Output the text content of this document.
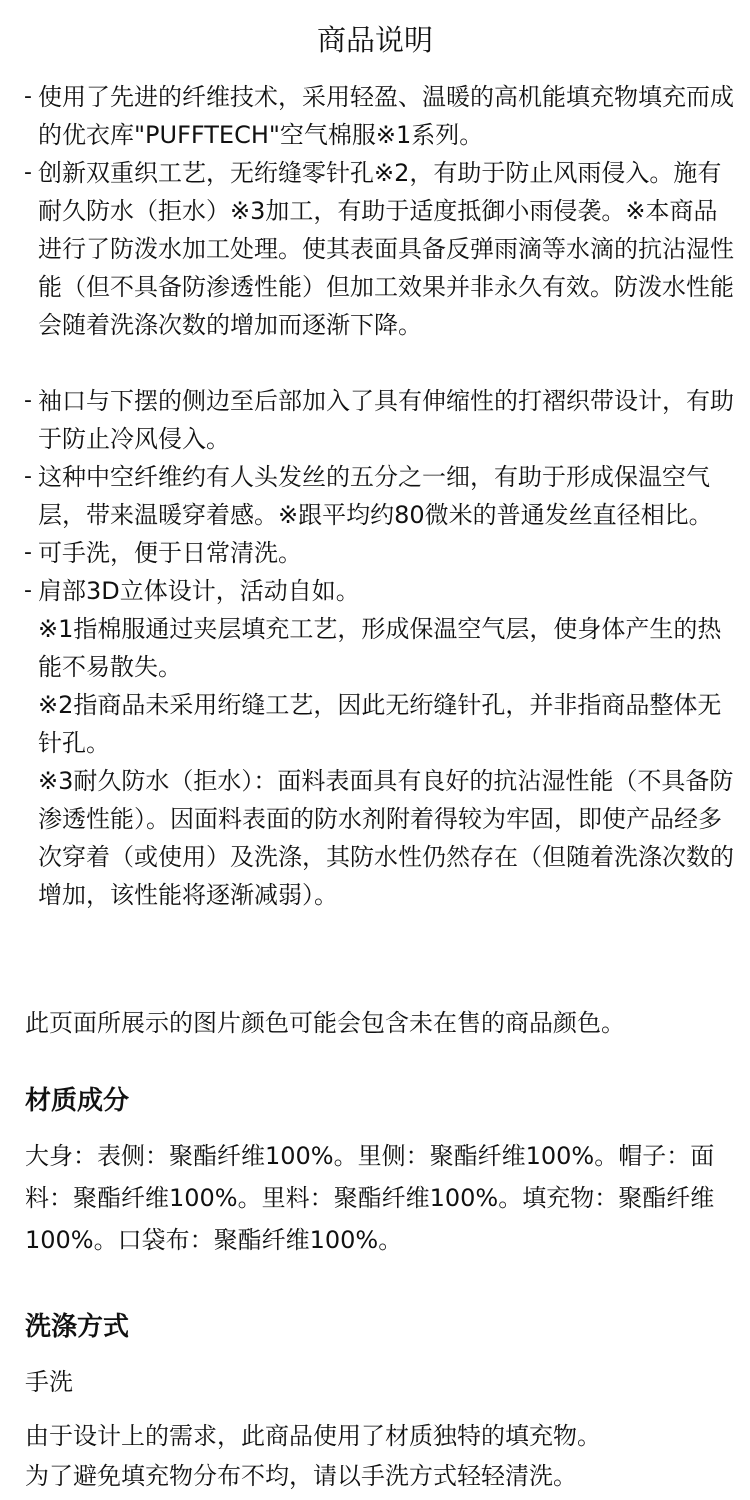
商品说明

- 使用了先进的纤维技术，采用轻盈、温暖的高机能填充物填充而成的优衣库"PUFFTECH"空气棉服※1系列。

- 创新双重织工艺，无绗缝零针孔※2，有助于防止风雨侵入。施有耐久防水（拒水）※3加工，有助于适度抵御小雨侵袭。※本商品进行了防泼水加工处理。使其表面具备反弹雨滴等水滴的抗沾湿性能（但不具备防渗透性能）但加工效果并非永久有效。防泼水性能会随着洗涤次数的增加而逐渐下降。

- 袖口与下摆的侧边至后部加入了具有伸缩性的打褶织带设计，有助于防止冷风侵入。

- 这种中空纤维约有人头发丝的五分之一细，有助于形成保温空气层，带来温暖穿着感。※跟平均约80微米的普通发丝直径相比。

- 可手洗，便于日常清洗。

- 肩部3D立体设计，活动自如。

※1指棉服通过夹层填充工艺，形成保温空气层，使身体产生的热能不易散失。

※2指商品未采用绗缝工艺，因此无绗缝针孔，并非指商品整体无针孔。

※3耐久防水（拒水）：面料表面具有良好的抗沾湿性能（不具备防渗透性能）。因面料表面的防水剂附着得较为牢固，即使产品经多次穿着（或使用）及洗涤，其防水性仍然存在（但随着洗涤次数的增加，该性能将逐渐减弱）。

此页面所展示的图片颜色可能会包含未在售的商品颜色。

材质成分

大身：表侧：聚酯纤维100%。里侧：聚酯纤维100%。帽子：面料：聚酯纤维100%。里料：聚酯纤维100%。填充物：聚酯纤维100%。口袋布：聚酯纤维100%。

洗涤方式

手洗

由于设计上的需求，此商品使用了材质独特的填充物。
为了避免填充物分布不均，请以手洗方式轻轻清洗。
